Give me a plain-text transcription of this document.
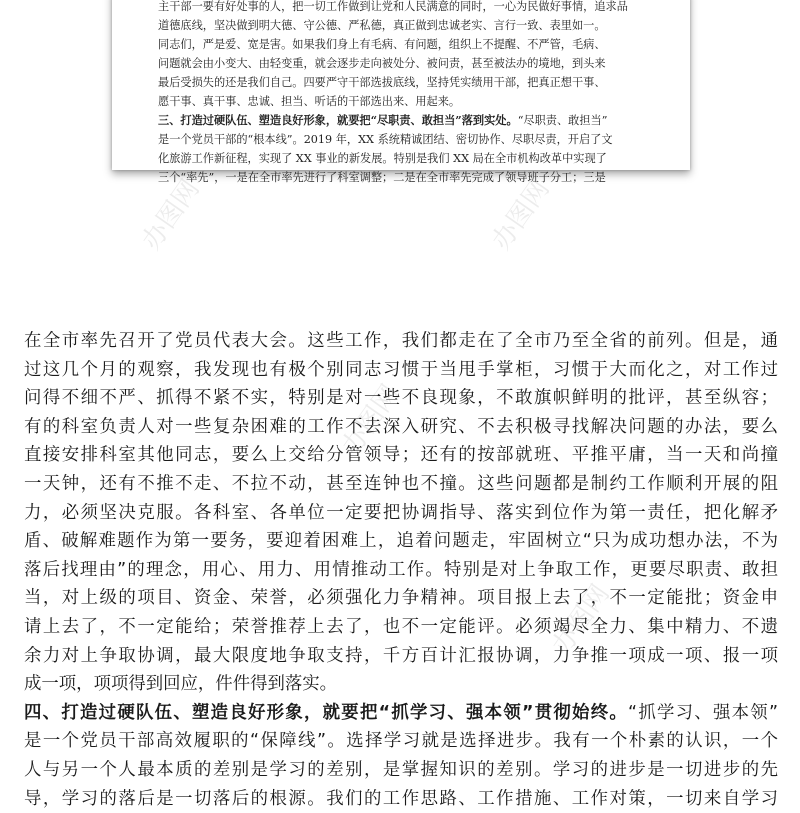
主干部一要有好处事的人，把一切工作做到让党和人民满意的同时，一心为民做好事情，追求品
道德底线，坚决做到明大德、守公德、严私德，真正做到忠诚老实、言行一致、表里如一。
同志们，严是爱、宽是害。如果我们身上有毛病、有问题，组织上不提醒、不严管，毛病、
问题就会由小变大、由轻变重，就会逐步走向被处分、被问责，甚至被法办的境地，到头来
最后受损失的还是我们自己。四要严守干部选拔底线，坚持凭实绩用干部，把真正想干事、
愿干事、真干事、忠诚、担当、听话的干部选出来、用起来。
三、打造过硬队伍、塑造良好形象，就要把“尽职责、敢担当”落到实处。“尽职责、敢担当”
是一个党员干部的“根本线”。2019 年，XX 系统精诚团结、密切协作、尽职尽责，开启了文
化旅游工作新征程，实现了 XX 事业的新发展。特别是我们 XX 局在全市机构改革中实现了
三个“率先”，一是在全市率先进行了科室调整；二是在全市率先完成了领导班子分工；三是
办图网	办图网
办图网
办图网
在全市率先召开了党员代表大会。这些工作，我们都走在了全市乃至全省的前列。但是，通
过这几个月的观察，我发现也有极个别同志习惯于当甩手掌柜，习惯于大而化之，对工作过
问得不细不严、抓得不紧不实，特别是对一些不良现象，不敢旗帜鲜明的批评，甚至纵容；
有的科室负责人对一些复杂困难的工作不去深入研究、不去积极寻找解决问题的办法，要么
直接安排科室其他同志，要么上交给分管领导；还有的按部就班、平推平庸，当一天和尚撞
一天钟，还有不推不走、不拉不动，甚至连钟也不撞。这些问题都是制约工作顺利开展的阻
力，必须坚决克服。各科室、各单位一定要把协调指导、落实到位作为第一责任，把化解矛
盾、破解难题作为第一要务，要迎着困难上，追着问题走，牢固树立“只为成功想办法，不为
落后找理由”的理念，用心、用力、用情推动工作。特别是对上争取工作，更要尽职责、敢担
当，对上级的项目、资金、荣誉，必须强化力争精神。项目报上去了，不一定能批；资金申
请上去了，不一定能给；荣誉推荐上去了，也不一定能评。必须竭尽全力、集中精力、不遗
余力对上争取协调，最大限度地争取支持，千方百计汇报协调，力争推一项成一项、报一项
成一项，项项得到回应，件件得到落实。
四、打造过硬队伍、塑造良好形象，就要把“抓学习、强本领”贯彻始终。“抓学习、强本领”
是一个党员干部高效履职的“保障线”。选择学习就是选择进步。我有一个朴素的认识，一个
人与另一个人最本质的差别是学习的差别，是掌握知识的差别。学习的进步是一切进步的先
导，学习的落后是一切落后的根源。我们的工作思路、工作措施、工作对策，一切来自学习
